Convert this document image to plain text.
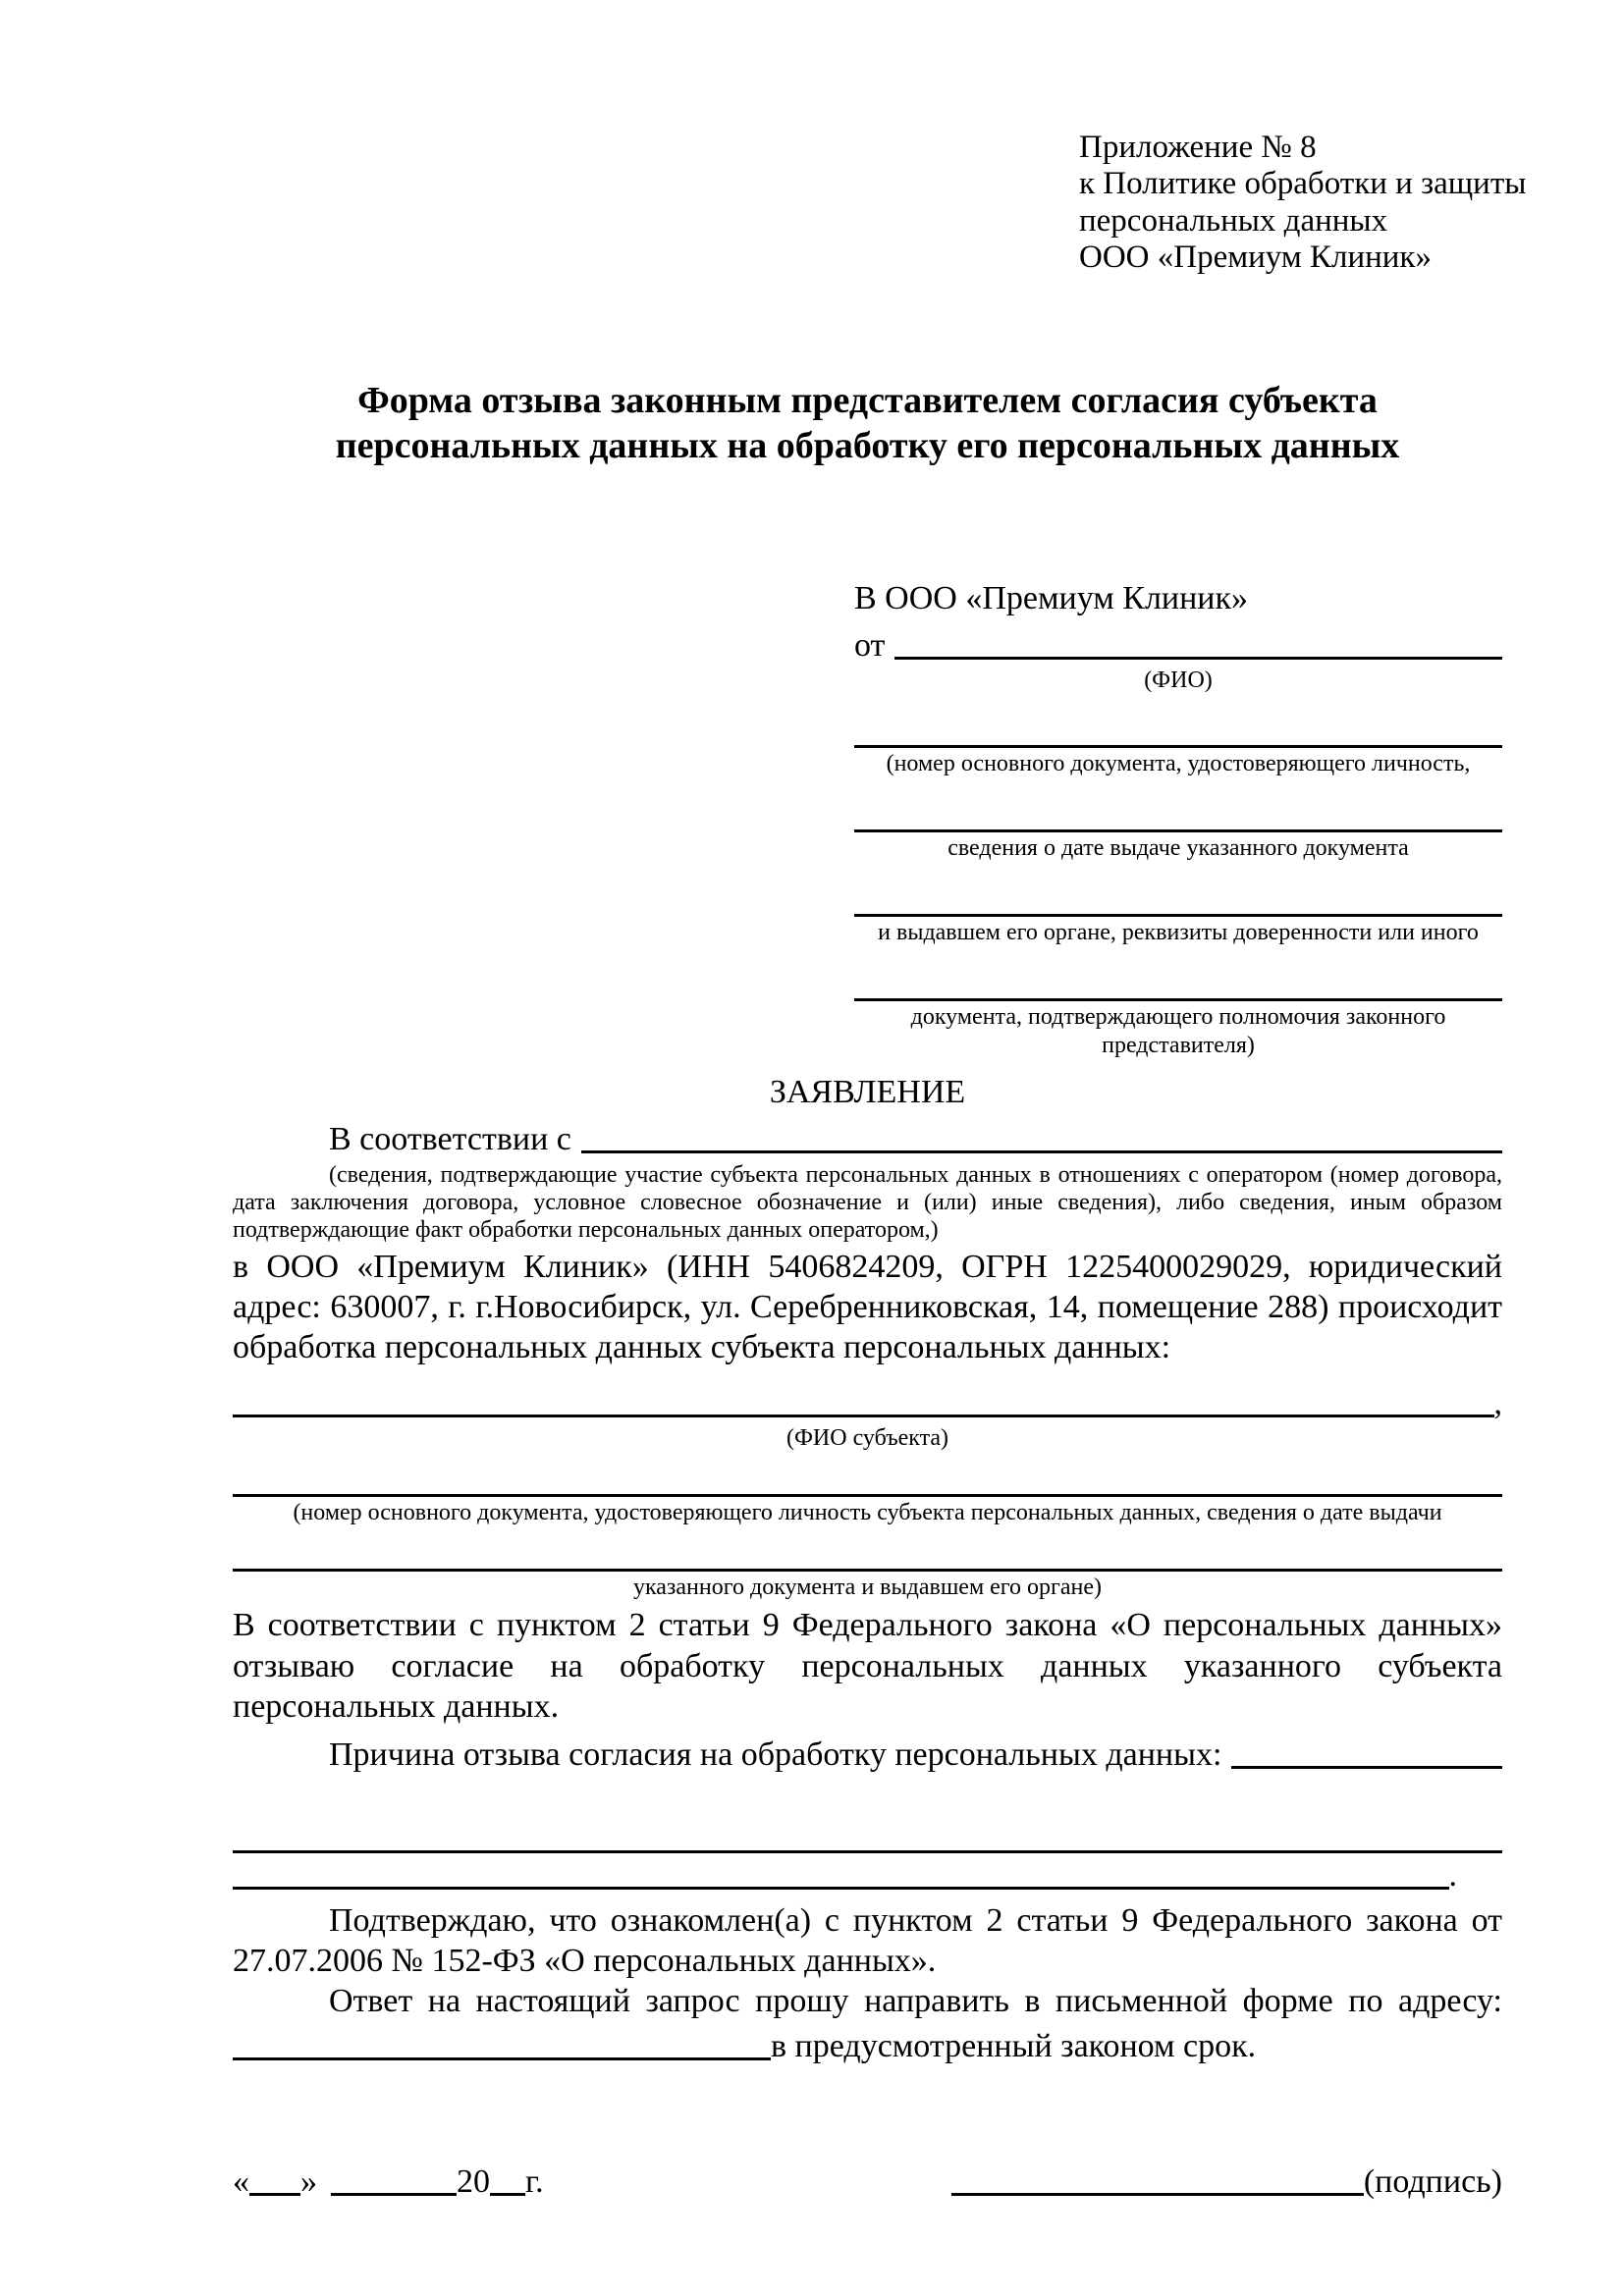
Приложение № 8
к Политике обработки и защиты
персональных данных
ООО «Премиум Клиник»
Форма отзыва законным представителем согласия субъекта персональных данных на обработку его персональных данных
В ООО «Премиум Клиник»
от
(ФИО)
(номер основного документа, удостоверяющего личность,
сведения о дате выдаче указанного документа
и выдавшем его органе, реквизиты доверенности или иного
документа, подтверждающего полномочия законного представителя)
ЗАЯВЛЕНИЕ
В соответствии с
(сведения, подтверждающие участие субъекта персональных данных в отношениях с оператором (номер договора, дата заключения договора, условное словесное обозначение и (или) иные сведения), либо сведения, иным образом подтверждающие факт обработки персональных данных оператором,)
в ООО «Премиум Клиник» (ИНН 5406824209, ОГРН 1225400029029, юридический адрес: 630007, г. г.Новосибирск, ул. Серебренниковская, 14, помещение 288) происходит обработка персональных данных субъекта персональных данных:
,
(ФИО субъекта)
(номер основного документа, удостоверяющего личность субъекта персональных данных, сведения о дате выдачи
указанного документа и выдавшем его органе)
В соответствии с пунктом 2 статьи 9 Федерального закона «О персональных данных» отзываю согласие на обработку персональных данных указанного субъекта персональных данных.
Причина отзыва согласия на обработку персональных данных:
.
Подтверждаю, что ознакомлен(а) с пунктом 2 статьи 9 Федерального закона от 27.07.2006 № 152-ФЗ «О персональных данных».
Ответ на настоящий запрос прошу направить в письменной форме по адресу:
в предусмотренный законом срок.
« »	20 г.	(подпись)
